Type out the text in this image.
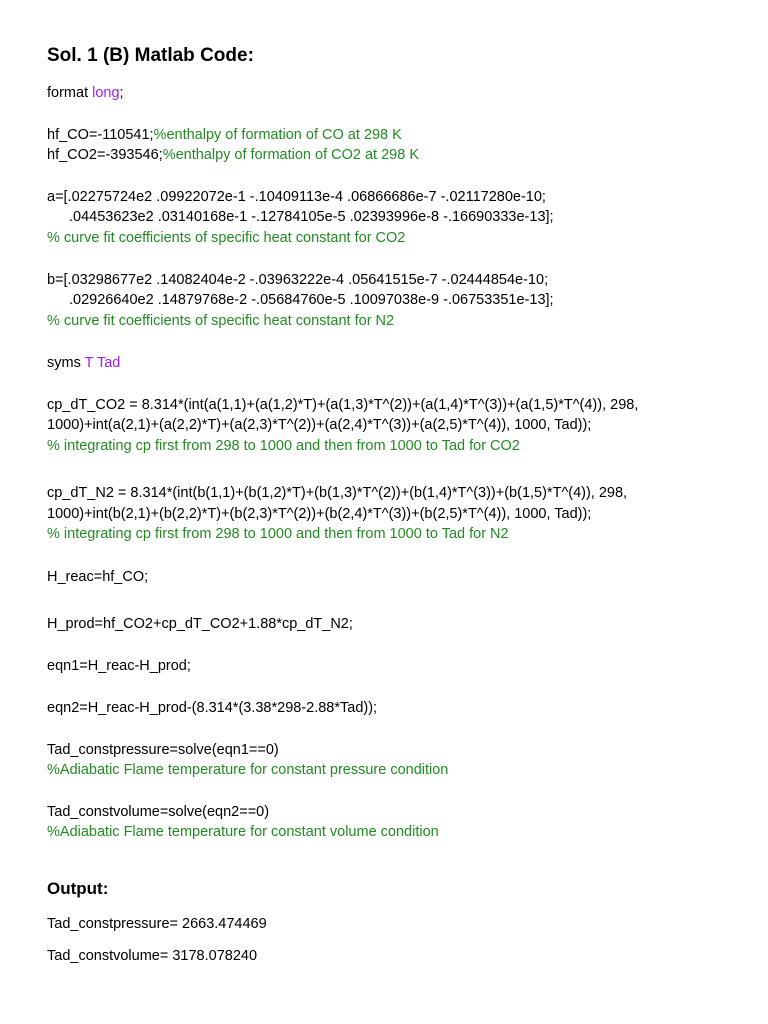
Sol. 1 (B) Matlab Code:
format long;
hf_CO=-110541;%enthalpy of formation of CO at 298 K
hf_CO2=-393546;%enthalpy of formation of CO2 at 298 K
a=[.02275724e2 .09922072e-1 -.10409113e-4 .06866686e-7 -.02117280e-10;
.04453623e2 .03140168e-1 -.12784105e-5 .02393996e-8 -.16690333e-13];
% curve fit coefficients of specific heat constant for CO2
b=[.03298677e2 .14082404e-2 -.03963222e-4 .05641515e-7 -.02444854e-10;
.02926640e2 .14879768e-2 -.05684760e-5 .10097038e-9 -.06753351e-13];
% curve fit coefficients of specific heat constant for N2
syms T Tad
cp_dT_CO2 = 8.314*(int(a(1,1)+(a(1,2)*T)+(a(1,3)*T^(2))+(a(1,4)*T^(3))+(a(1,5)*T^(4)), 298,
1000)+int(a(2,1)+(a(2,2)*T)+(a(2,3)*T^(2))+(a(2,4)*T^(3))+(a(2,5)*T^(4)), 1000, Tad));
% integrating cp first from 298 to 1000 and then from 1000 to Tad for CO2
cp_dT_N2 = 8.314*(int(b(1,1)+(b(1,2)*T)+(b(1,3)*T^(2))+(b(1,4)*T^(3))+(b(1,5)*T^(4)), 298,
1000)+int(b(2,1)+(b(2,2)*T)+(b(2,3)*T^(2))+(b(2,4)*T^(3))+(b(2,5)*T^(4)), 1000, Tad));
% integrating cp first from 298 to 1000 and then from 1000 to Tad for N2
H_reac=hf_CO;
H_prod=hf_CO2+cp_dT_CO2+1.88*cp_dT_N2;
eqn1=H_reac-H_prod;
eqn2=H_reac-H_prod-(8.314*(3.38*298-2.88*Tad));
Tad_constpressure=solve(eqn1==0)
%Adiabatic Flame temperature for constant pressure condition
Tad_constvolume=solve(eqn2==0)
%Adiabatic Flame temperature for constant volume condition
Output:
Tad_constpressure= 2663.474469
Tad_constvolume= 3178.078240
